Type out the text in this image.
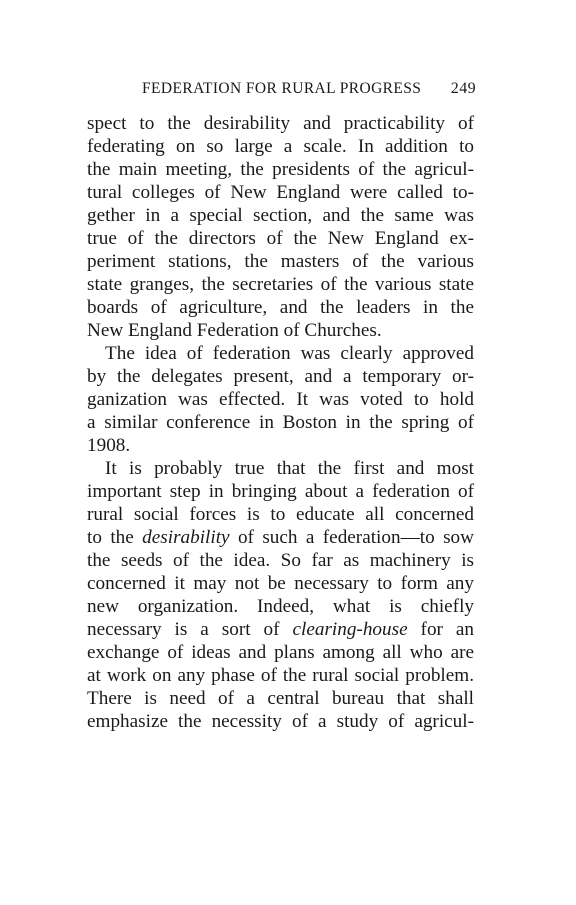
FEDERATION FOR RURAL PROGRESS 249
spect to the desirability and practicability of
federating on so large a scale. In addition to
the main meeting, the presidents of the agricul-
tural colleges of New England were called to-
gether in a special section, and the same was
true of the directors of the New England ex-
periment stations, the masters of the various
state granges, the secretaries of the various state
boards of agriculture, and the leaders in the
New England Federation of Churches.
The idea of federation was clearly approved
by the delegates present, and a temporary or-
ganization was effected. It was voted to hold
a similar conference in Boston in the spring of
1908.
It is probably true that the first and most
important step in bringing about a federation of
rural social forces is to educate all concerned
to the desirability of such a federation—to sow
the seeds of the idea. So far as machinery is
concerned it may not be necessary to form any
new organization. Indeed, what is chiefly
necessary is a sort of clearing-house for an
exchange of ideas and plans among all who are
at work on any phase of the rural social problem.
There is need of a central bureau that shall
emphasize the necessity of a study of agricul-
